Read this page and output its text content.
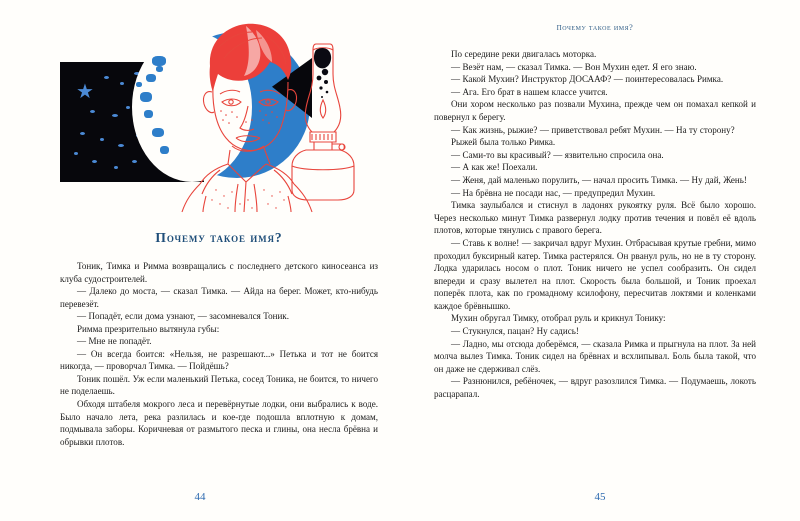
Почему такое имя?

Тоник, Тимка и Римма возвращались с последнего детского киносеанса из клуба судостроителей.

— Далеко до моста, — сказал Тимка. — Айда на берег. Может, кто-нибудь перевезёт.

— Попадёт, если дома узнают, — засомневался Тоник.

Римма презрительно вытянула губы:

— Мне не попадёт.

— Он всегда боится: «Нельзя, не разрешают...» Петька и тот не боится никогда, — проворчал Тимка. — Пойдёшь?

Тоник пошёл. Уж если маленький Петька, сосед Тоника, не боится, то ничего не поделаешь.

Обходя штабеля мокрого леса и перевёрнутые лодки, они выбрались к воде. Было начало лета, река разлилась и кое-где подошла вплотную к домам, подмывала заборы. Коричневая от размытого песка и глины, она несла брёвна и обрывки плотов.

44
почему такое имя?

По середине реки двигалась моторка.

— Везёт нам, — сказал Тимка. — Вон Мухин едет. Я его знаю.

— Какой Мухин? Инструктор ДОСААФ? — поинтересовалась Римка.

— Ага. Его брат в нашем классе учится.

Они хором несколько раз позвали Мухина, прежде чем он помахал кепкой и повернул к берегу.

— Как жизнь, рыжие? — приветствовал ребят Мухин. — На ту сторону?

Рыжей была только Римка.

— Сами-то вы красивый? — язвительно спросила она.

— А как же! Поехали.

— Женя, дай маленько порулить, — начал просить Тимка. — Ну дай, Жень!

— На брёвна не посади нас, — предупредил Мухин.

Тимка заулыбался и стиснул в ладонях рукоятку руля. Всё было хорошо. Через несколько минут Тимка развернул лодку против течения и повёл её вдоль плотов, которые тянулись с правого берега.

— Ставь к волне! — закричал вдруг Мухин. Отбрасывая крутые гребни, мимо проходил буксирный катер. Тимка растерялся. Он рванул руль, но не в ту сторону. Лодка ударилась носом о плот. Тоник ничего не успел сообразить. Он сидел впереди и сразу вылетел на плот. Скорость была большой, и Тоник проехал поперёк плота, как по громадному ксилофону, пересчитав локтями и коленками каждое брёвнышко.

Мухин обругал Тимку, отобрал руль и крикнул Тонику:

— Стукнулся, пацан? Ну садись!

— Ладно, мы отсюда доберёмся, — сказала Римка и прыгнула на плот. За ней молча вылез Тимка. Тоник сидел на брёвнах и всхлипывал. Боль была такой, что он даже не сдерживал слёз.

— Разнюнился, ребёночек, — вдруг разозлился Тимка. — Подумаешь, локоть расцарапал.

45
